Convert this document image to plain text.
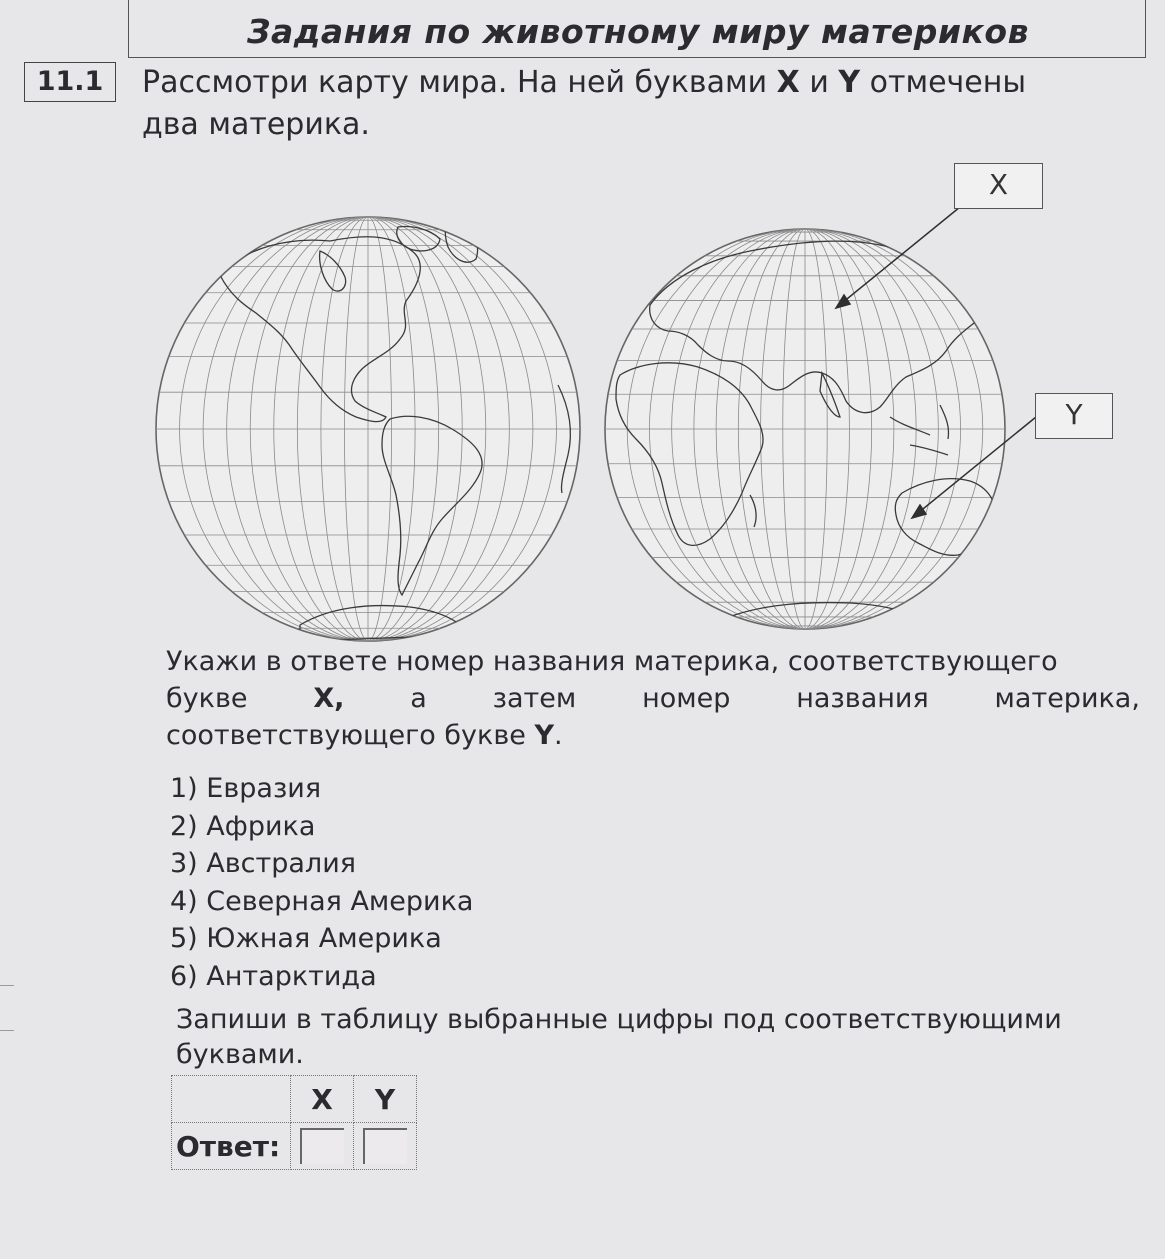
Задания по животному миру материков
11.1	Рассмотри карту мира. На ней буквами X и Y отмечены
два материка.
X
Y
Укажи в ответе номер названия материка, соответствующего
букве X, а затем номер названия материка,
соответствующего букве Y.
1) Евразия
2) Африка
3) Австралия
4) Северная Америка
5) Южная Америка
6) Антарктида
Запиши в таблицу выбранные цифры под соответствующими буквами.
	X	Y
Ответ:		
